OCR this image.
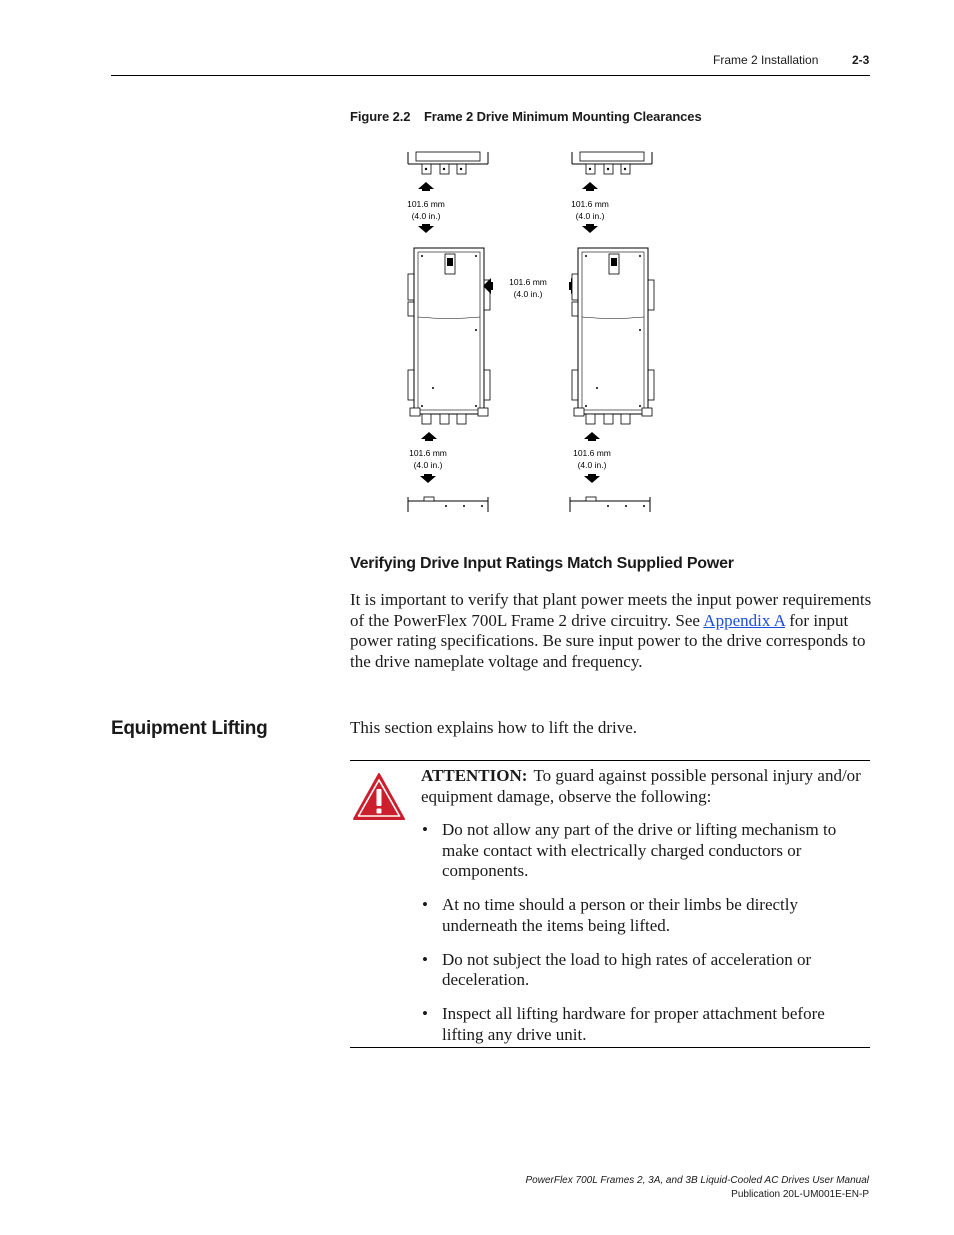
Frame 2 Installation	2-3
Figure 2.2 Frame 2 Drive Minimum Mounting Clearances
101.6 mm
(4.0 in.)
101.6 mm
(4.0 in.)
101.6 mm
(4.0 in.)
101.6 mm
(4.0 in.)
101.6 mm
(4.0 in.)
Verifying Drive Input Ratings Match Supplied Power

It is important to verify that plant power meets the input power requirements of the PowerFlex 700L Frame 2 drive circuitry. See Appendix A for input power rating specifications. Be sure input power to the drive corresponds to the drive nameplate voltage and frequency.

Equipment Lifting	This section explains how to lift the drive.

ATTENTION: To guard against possible personal injury and/or equipment damage, observe the following:

• Do not allow any part of the drive or lifting mechanism to make contact with electrically charged conductors or components.
• At no time should a person or their limbs be directly underneath the items being lifted.
• Do not subject the load to high rates of acceleration or deceleration.
• Inspect all lifting hardware for proper attachment before lifting any drive unit.
PowerFlex 700L Frames 2, 3A, and 3B Liquid-Cooled AC Drives User Manual
Publication 20L-UM001E-EN-P
